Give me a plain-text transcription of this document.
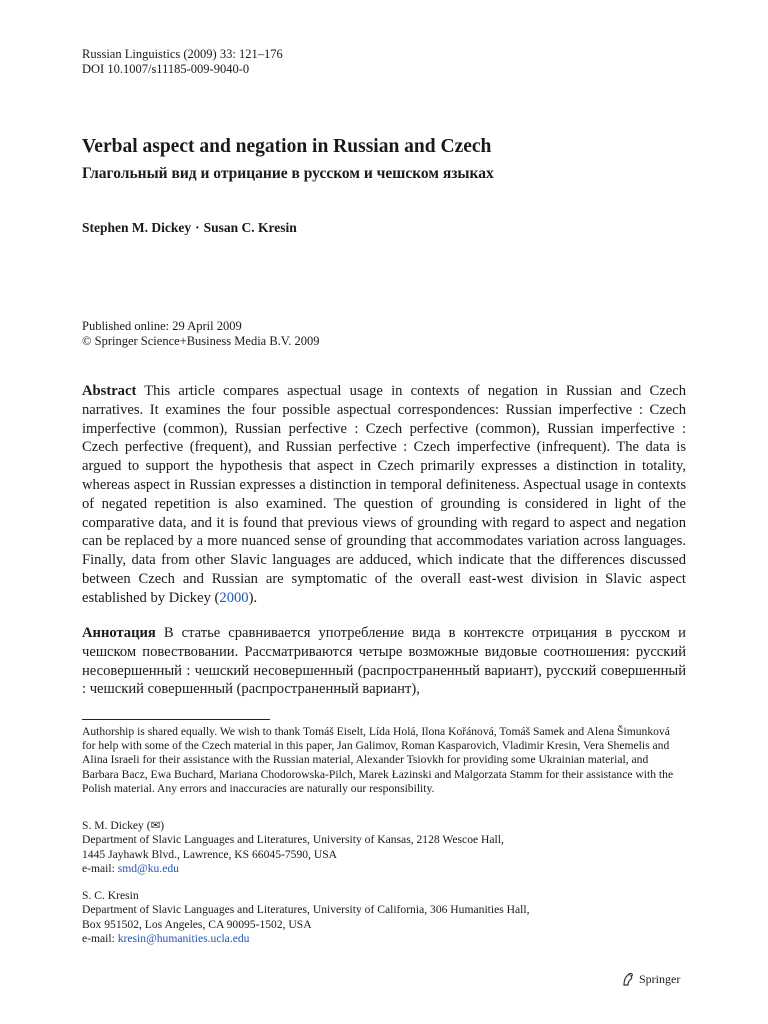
Russian Linguistics (2009) 33: 121–176
DOI 10.1007/s11185-009-9040-0
Verbal aspect and negation in Russian and Czech
Глагольный вид и отрицание в русском и чешском языках
Stephen M. Dickey · Susan C. Kresin
Published online: 29 April 2009
© Springer Science+Business Media B.V. 2009

Abstract This article compares aspectual usage in contexts of negation in Russian and Czech narratives. It examines the four possible aspectual correspondences: Russian imperfective : Czech imperfective (common), Russian perfective : Czech perfective (common), Russian imperfective : Czech perfective (frequent), and Russian perfective : Czech imperfective (infrequent). The data is argued to support the hypothesis that aspect in Czech primarily expresses a distinction in totality, whereas aspect in Russian expresses a distinction in temporal definiteness. Aspectual usage in contexts of negated repetition is also examined. The question of grounding is considered in light of the comparative data, and it is found that previous views of grounding with regard to aspect and negation can be replaced by a more nuanced sense of grounding that accommodates variation across languages. Finally, data from other Slavic languages are adduced, which indicate that the differences discussed between Czech and Russian are symptomatic of the overall east-west division in Slavic aspect established by Dickey (2000).

Аннотация В статье сравнивается употребление вида в контексте отрицания в русском и чешском повествовании. Рассматриваются четыре возможные видовые соотношения: русский несовершенный : чешский несовершенный (распространенный вариант), русский совершенный : чешский совершенный (распространенный вариант),

Authorship is shared equally. We wish to thank Tomáš Eiselt, Lída Holá, Ilona Kořánová, Tomáš Samek and Alena Šimunková for help with some of the Czech material in this paper, Jan Galimov, Roman Kasparovich, Vladimir Kresin, Vera Shemelis and Alina Israeli for their assistance with the Russian material, Alexander Tsiovkh for providing some Ukrainian material, and Barbara Bacz, Ewa Buchard, Mariana Chodorowska-Pilch, Marek Łazinski and Malgorzata Stamm for their assistance with the Polish material. Any errors and inaccuracies are naturally our responsibility.

S. M. Dickey (✉)
Department of Slavic Languages and Literatures, University of Kansas, 2128 Wescoe Hall,
1445 Jayhawk Blvd., Lawrence, KS 66045-7590, USA
e-mail: smd@ku.edu
S. C. Kresin
Department of Slavic Languages and Literatures, University of California, 306 Humanities Hall,
Box 951502, Los Angeles, CA 90095-1502, USA
e-mail: kresin@humanities.ucla.edu
Springer
